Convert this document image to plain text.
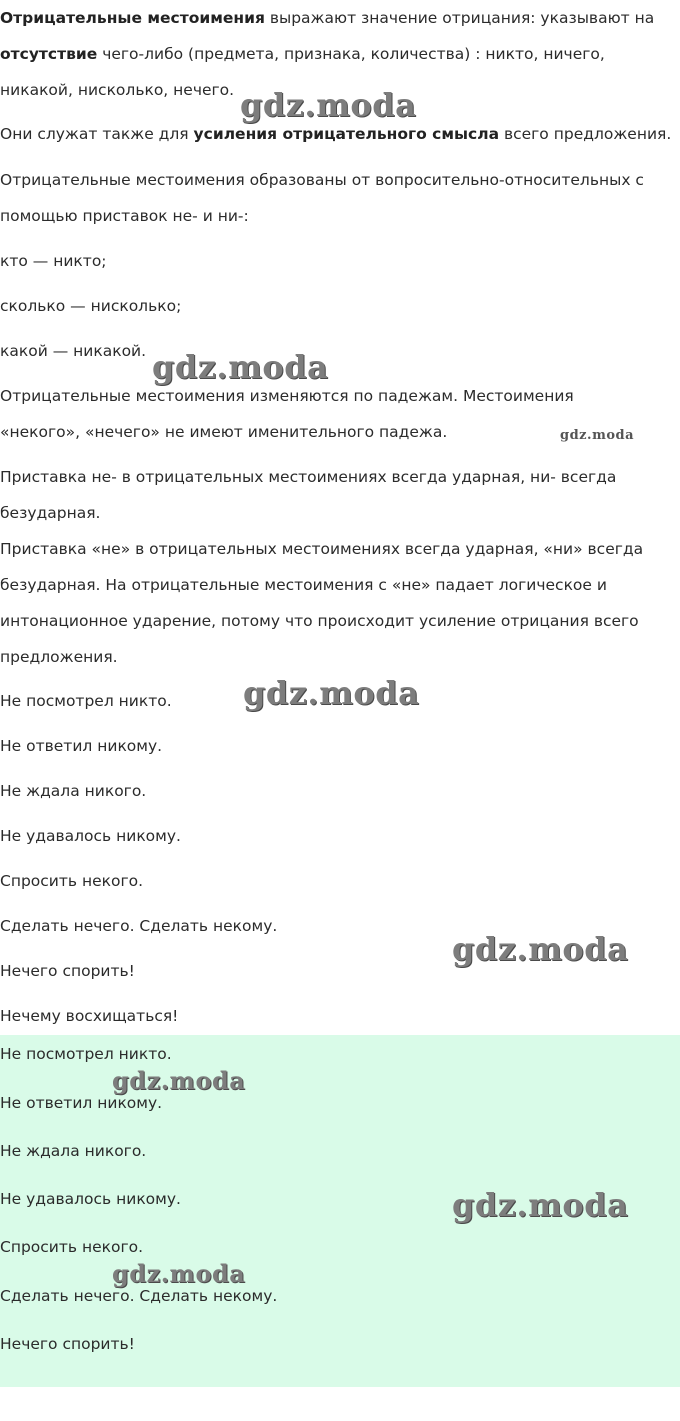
Отрицательные местоимения выражают значение отрицания: указывают на

отсутствие чего-либо (предмета, признака, количества) : никто, ничего,

никакой, нисколько, нечего.

Они служат также для усиления отрицательного смысла всего предложения.

Отрицательные местоимения образованы от вопросительно-относительных с

помощью приставок не- и ни-:

кто — никто;

сколько — нисколько;

какой — никакой.

Отрицательные местоимения изменяются по падежам. Местоимения

«некого», «нечего» не имеют именительного падежа.

Приставка не- в отрицательных местоимениях всегда ударная, ни- всегда

безударная.

Приставка «не» в отрицательных местоимениях всегда ударная, «ни» всегда

безударная. На отрицательные местоимения с «не» падает логическое и

интонационное ударение, потому что происходит усиление отрицания всего

предложения.

Не посмотрел никто.

Не ответил никому.

Не ждала никого.

Не удавалось никому.

Спросить некого.

Сделать нечего. Сделать некому.

Нечего спорить!

Нечему восхищаться!

Не посмотрел никто.

Не ответил никому.

Не ждала никого.

Не удавалось никому.

Спросить некого.

Сделать нечего. Сделать некому.

Нечего спорить!

gdz.moda
gdz.moda
gdz.moda
gdz.moda
gdz.moda
gdz.moda
gdz.moda
gdz.moda
